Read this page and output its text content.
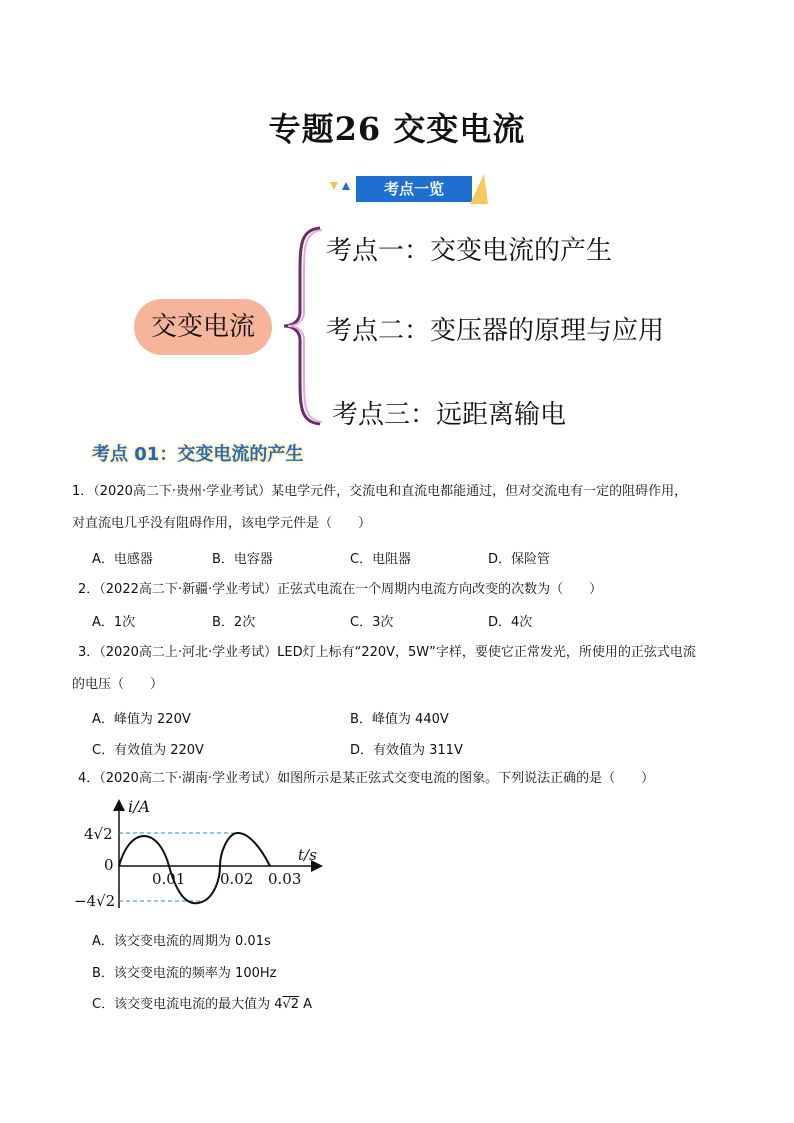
专题26 交变电流
考点一览
交变电流
考点一：交变电流的产生
考点二：变压器的原理与应用
考点三：远距离输电
考点 01：交变电流的产生
1．（2020高二下·贵州·学业考试）某电学元件，交流电和直流电都能通过，但对交流电有一定的阻碍作用，
对直流电几乎没有阻碍作用，该电学元件是（　　）
A．电感器	B．电容器	C．电阻器	D．保险管
2．（2022高二下·新疆·学业考试）正弦式电流在一个周期内电流方向改变的次数为（　　）
A．1次	B．2次	C．3次	D．4次
3．（2020高二上·河北·学业考试）LED灯上标有“220V，5W”字样，要使它正常发光，所使用的正弦式电流
的电压（　　）
A．峰值为 220V	B．峰值为 440V
C．有效值为 220V	D．有效值为 311V
4．（2020高二下·湖南·学业考试）如图所示是某正弦式交变电流的图象。下列说法正确的是（　　）
i/A
t/s
4√2
0
−4√2
0.01 0.02 0.03
A．该交变电流的周期为 0.01s
B．该交变电流的频率为 100Hz
C．该交变电流电流的最大值为 4√2 A
